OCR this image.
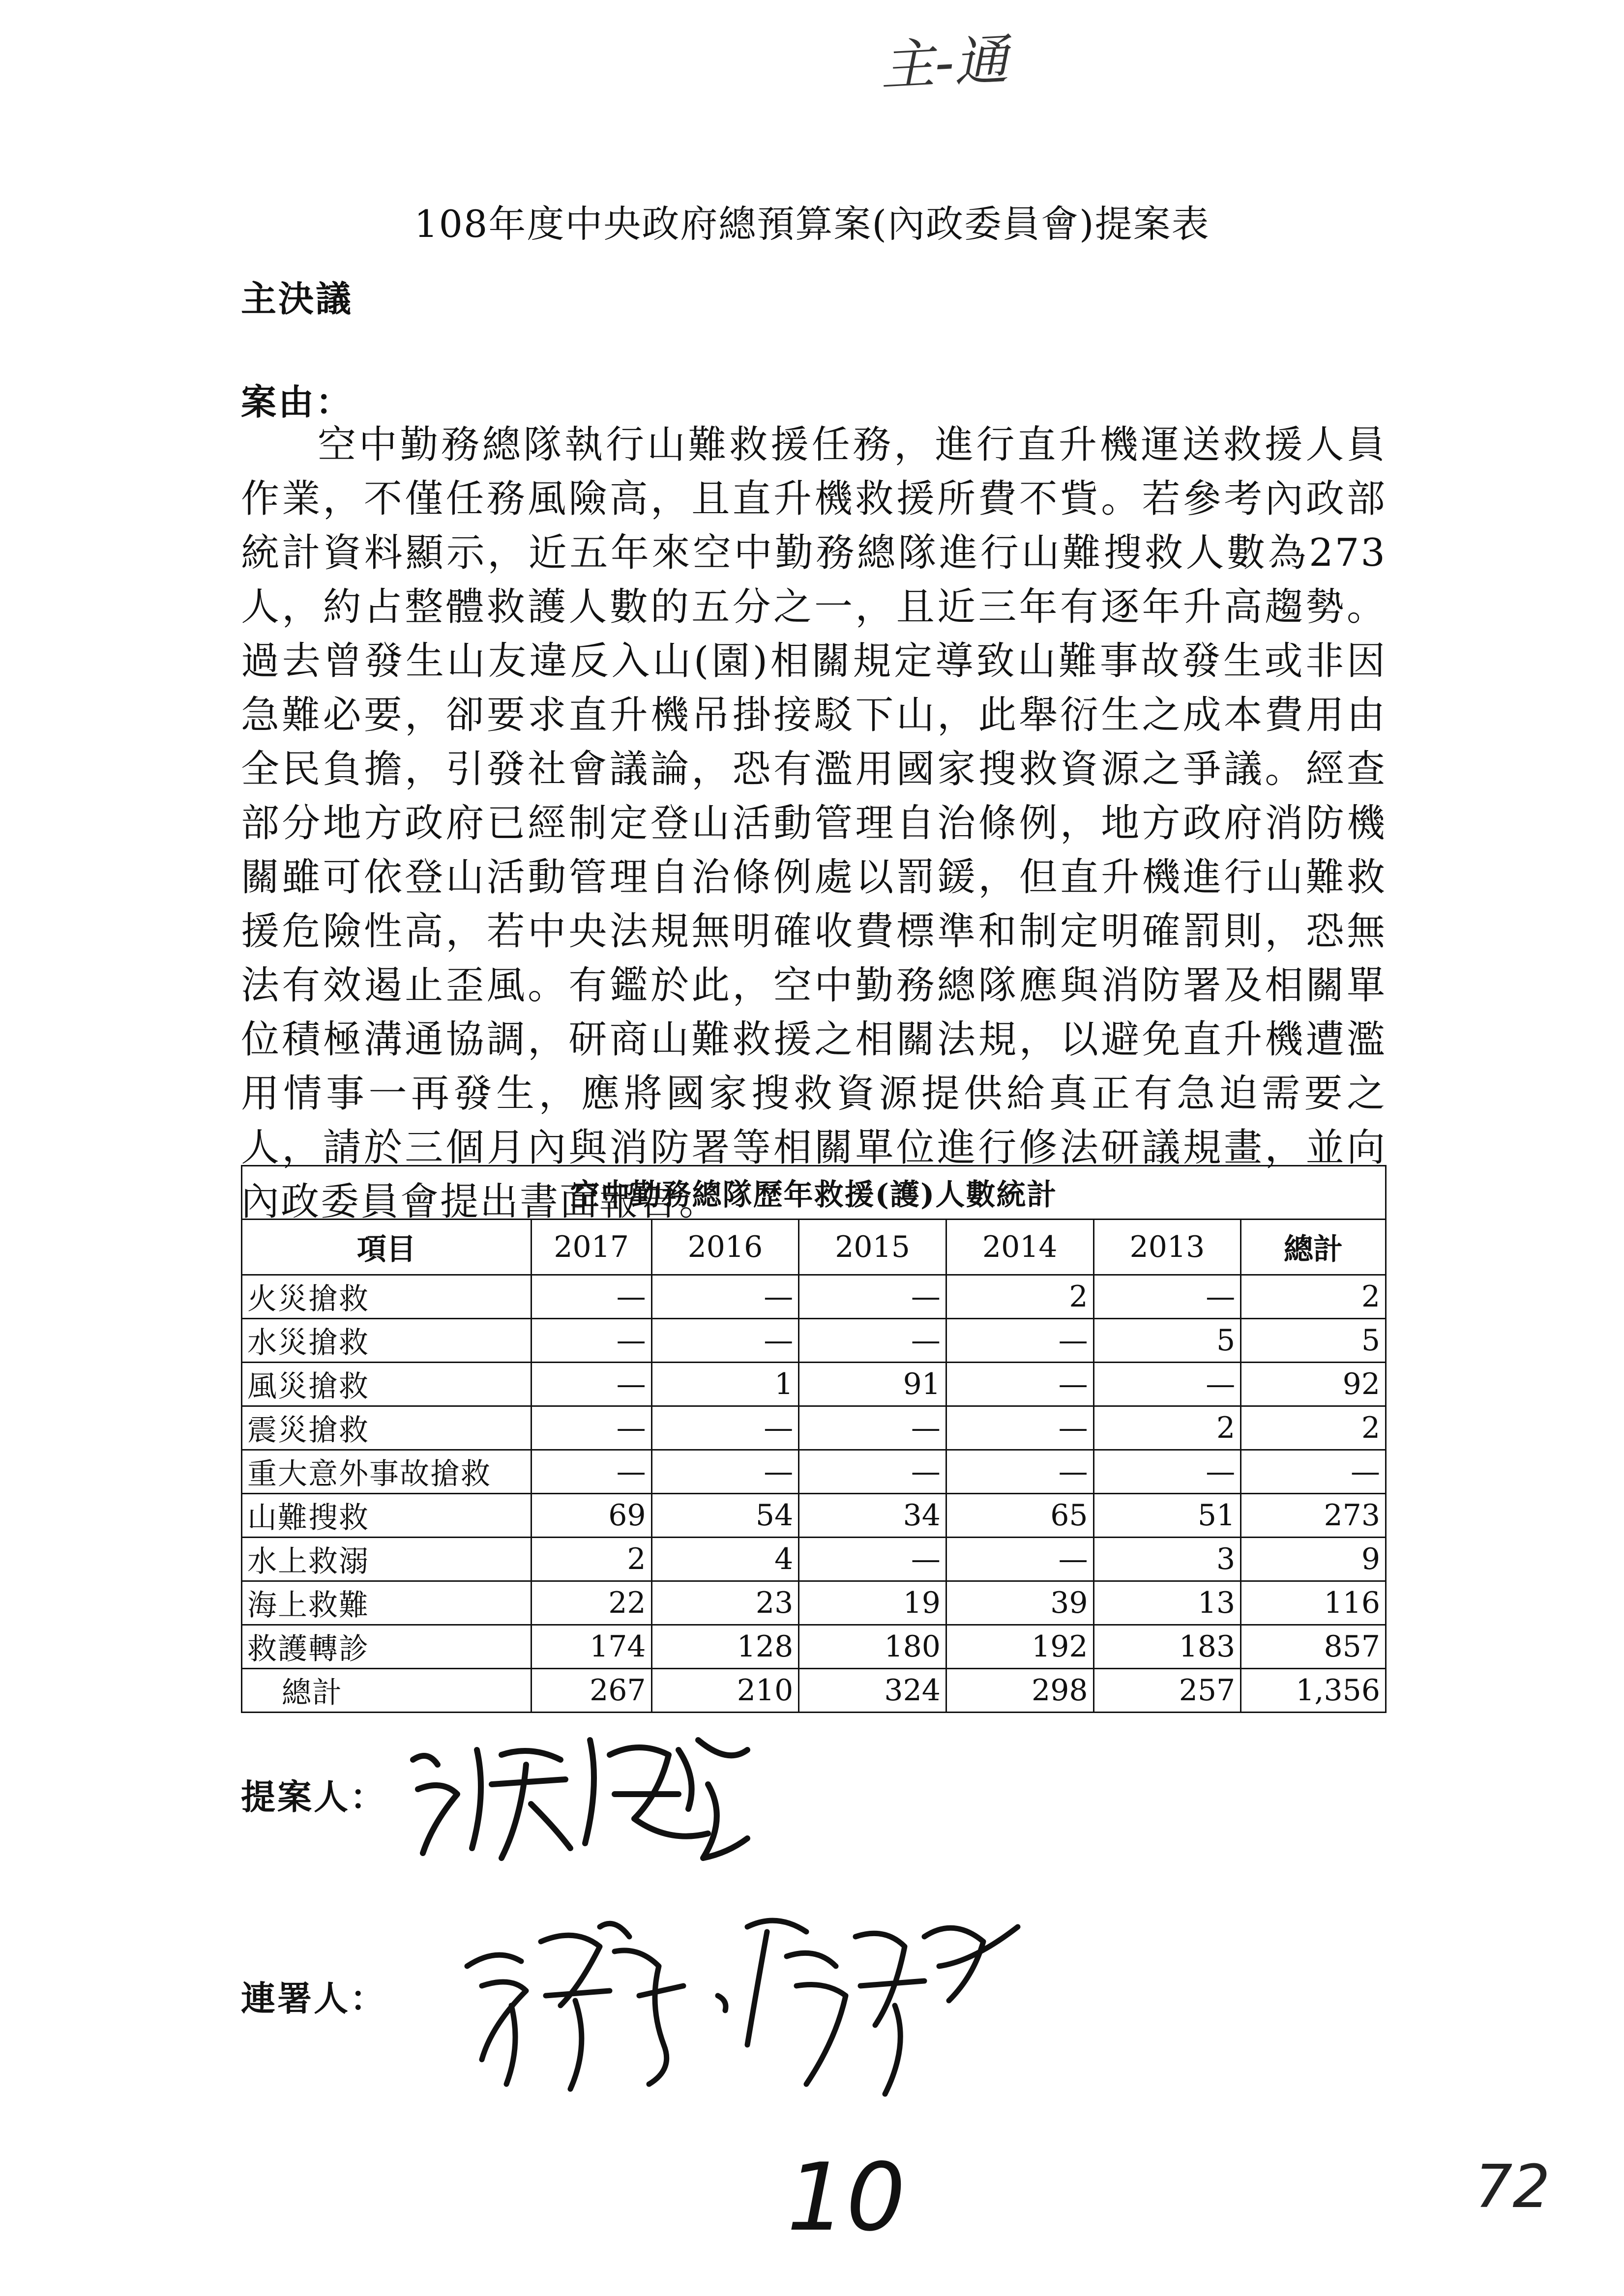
主-通
108年度中央政府總預算案(內政委員會)提案表
主決議
案由：
空中勤務總隊執行山難救援任務，進行直升機運送救援人員作業，不僅任務風險高，且直升機救援所費不貲。若參考內政部統計資料顯示，近五年來空中勤務總隊進行山難搜救人數為273人，約占整體救護人數的五分之一，且近三年有逐年升高趨勢。過去曾發生山友違反入山(園)相關規定導致山難事故發生或非因急難必要，卻要求直升機吊掛接駁下山，此舉衍生之成本費用由全民負擔，引發社會議論，恐有濫用國家搜救資源之爭議。經查部分地方政府已經制定登山活動管理自治條例，地方政府消防機關雖可依登山活動管理自治條例處以罰鍰，但直升機進行山難救援危險性高，若中央法規無明確收費標準和制定明確罰則，恐無法有效遏止歪風。有鑑於此，空中勤務總隊應與消防署及相關單位積極溝通協調，研商山難救援之相關法規，以避免直升機遭濫用情事一再發生，應將國家搜救資源提供給真正有急迫需要之人，請於三個月內與消防署等相關單位進行修法研議規畫，並向內政委員會提出書面報告。
空中勤務總隊歷年救援(護)人數統計						
項目	2017	2016	2015	2014	2013	總計
火災搶救	—	—	—	2	—	2
水災搶救	—	—	—	—	5	5
風災搶救	—	1	91	—	—	92
震災搶救	—	—	—	—	2	2
重大意外事故搶救	—	—	—	—	—	—
山難搜救	69	54	34	65	51	273
水上救溺	2	4	—	—	3	9
海上救難	22	23	19	39	13	116
救護轉診	174	128	180	192	183	857
總計	267	210	324	298	257	1,356
提案人：
連署人：
10	72
